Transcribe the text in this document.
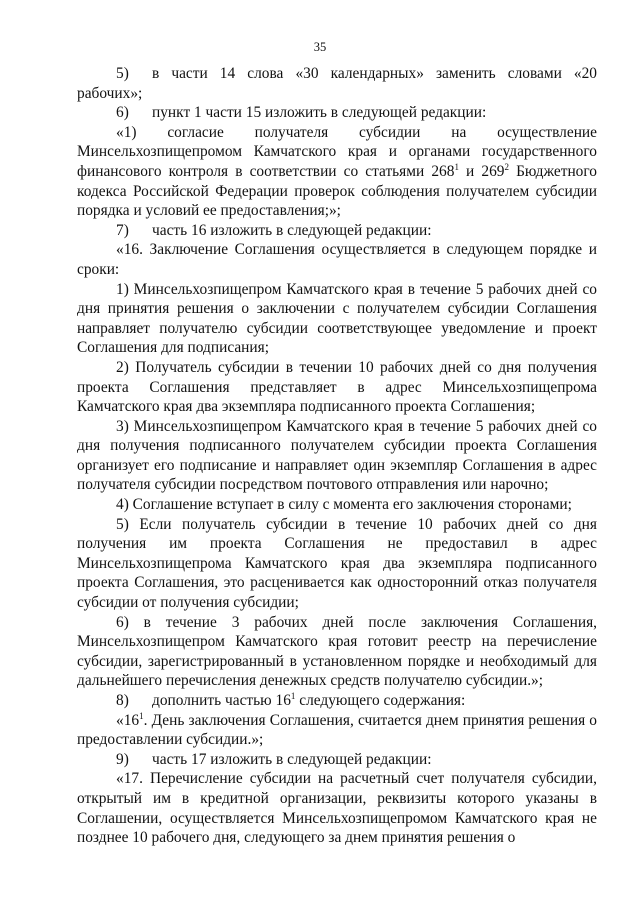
35

5) в части 14 слова «30 календарных» заменить словами «20 рабочих»;

6) пункт 1 части 15 изложить в следующей редакции:

«1) согласие получателя субсидии на осуществление Минсельхозпищепромом Камчатского края и органами государственного финансового контроля в соответствии со статьями $268^1$ и $269^2$ Бюджетного кодекса Российской Федерации проверок соблюдения получателем субсидии порядка и условий ее предоставления;»;

7) часть 16 изложить в следующей редакции:

«16. Заключение Соглашения осуществляется в следующем порядке и сроки:

1) Минсельхозпищепром Камчатского края в течение 5 рабочих дней со дня принятия решения о заключении с получателем субсидии Соглашения направляет получателю субсидии соответствующее уведомление и проект Соглашения для подписания;

2) Получатель субсидии в течении 10 рабочих дней со дня получения проекта Соглашения представляет в адрес Минсельхозпищепрома Камчатского края два экземпляра подписанного проекта Соглашения;

3) Минсельхозпищепром Камчатского края в течение 5 рабочих дней со дня получения подписанного получателем субсидии проекта Соглашения организует его подписание и направляет один экземпляр Соглашения в адрес получателя субсидии посредством почтового отправления или нарочно;

4) Соглашение вступает в силу с момента его заключения сторонами;

5) Если получатель субсидии в течение 10 рабочих дней со дня получения им проекта Соглашения не предоставил в адрес Минсельхозпищепрома Камчатского края два экземпляра подписанного проекта Соглашения, это расценивается как односторонний отказ получателя субсидии от получения субсидии;

6) в течение 3 рабочих дней после заключения Соглашения, Минсельхозпищепром Камчатского края готовит реестр на перечисление субсидии, зарегистрированный в установленном порядке и необходимый для дальнейшего перечисления денежных средств получателю субсидии.»;

8) дополнить частью $16^1$ следующего содержания:

«$16^1$. День заключения Соглашения, считается днем принятия решения о предоставлении субсидии.»;

9) часть 17 изложить в следующей редакции:

«17. Перечисление субсидии на расчетный счет получателя субсидии, открытый им в кредитной организации, реквизиты которого указаны в Соглашении, осуществляется Минсельхозпищепромом Камчатского края не позднее 10 рабочего дня, следующего за днем принятия решения о
